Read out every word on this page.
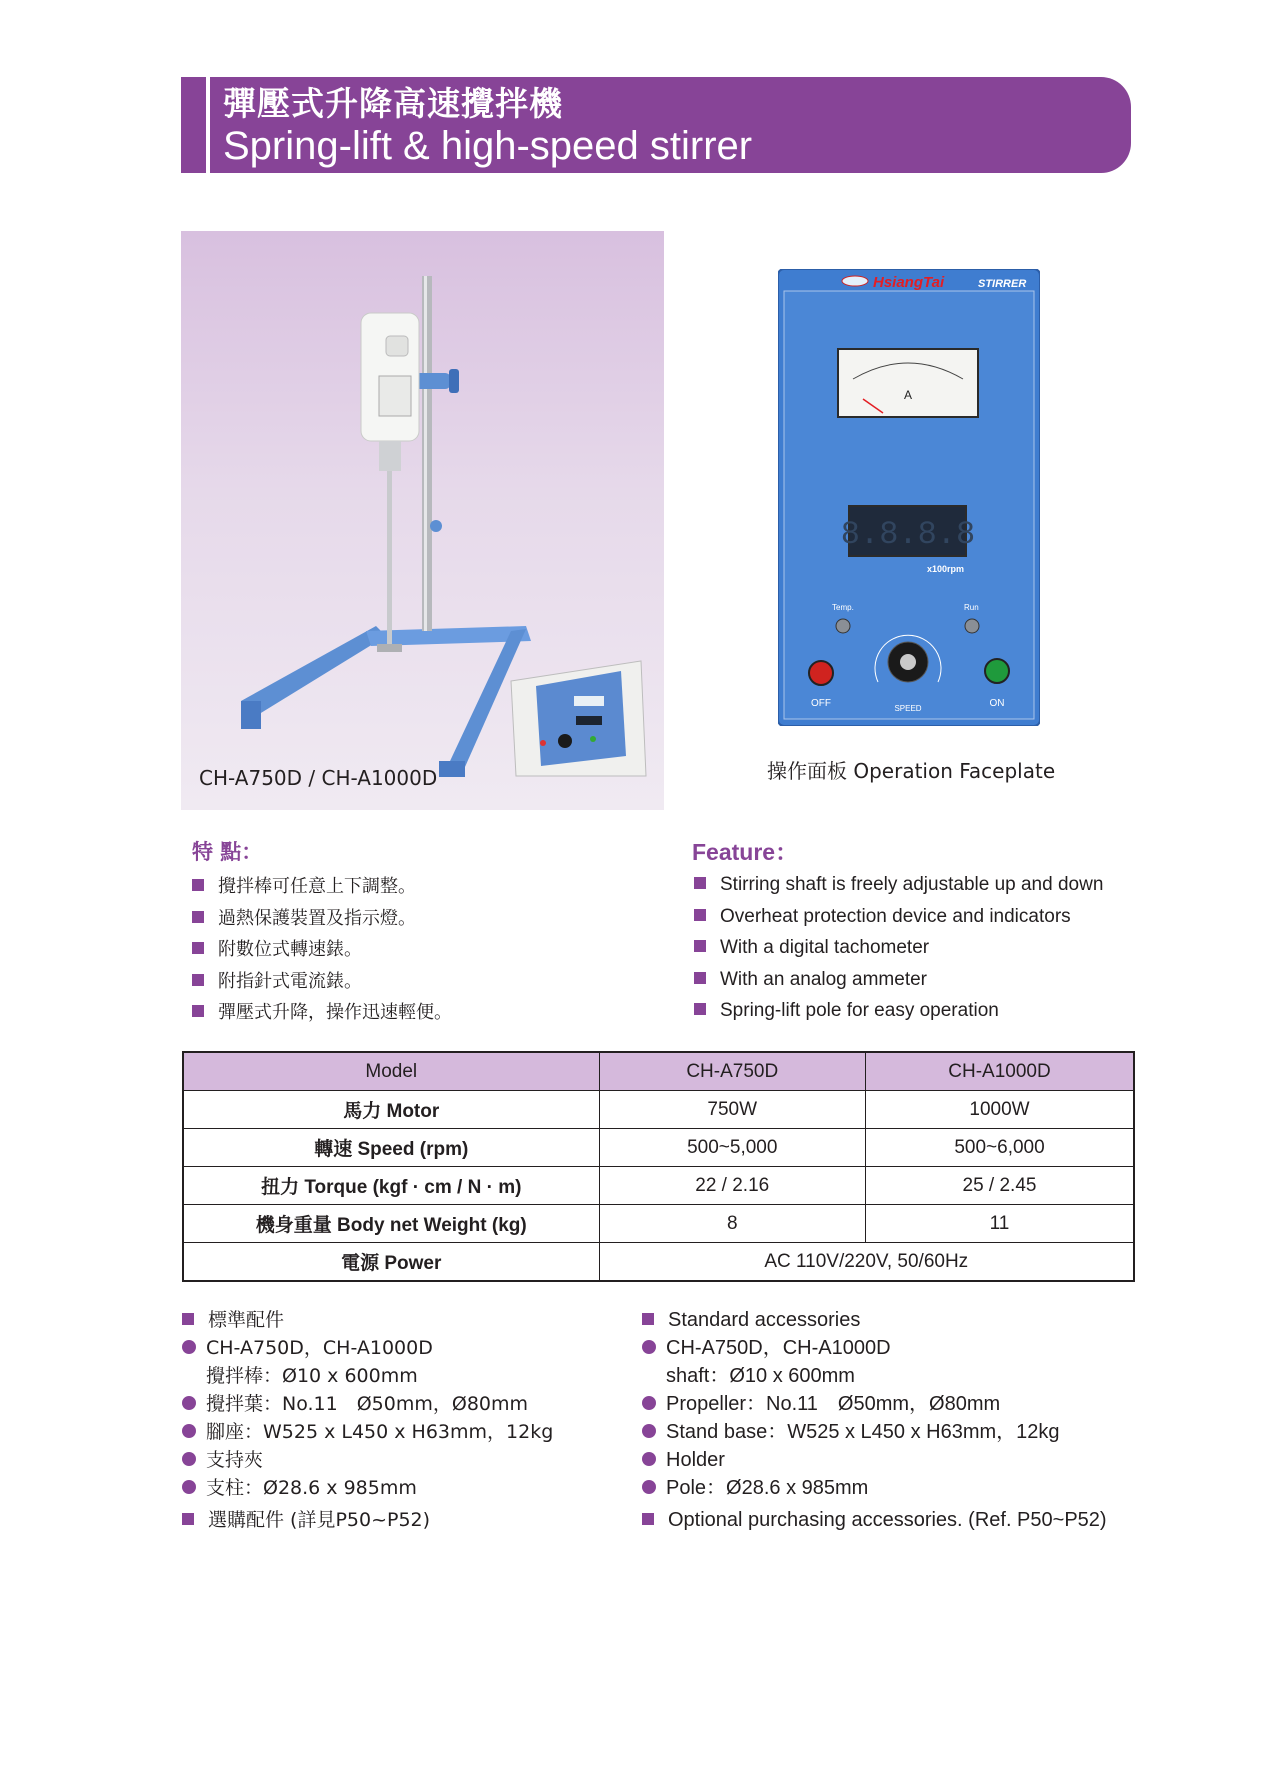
彈壓式升降高速攪拌機
Spring-lift & high-speed stirrer
CH-A750D / CH-A1000D
HsiangTai	STIRRER
A
8.8.8.8
x100rpm
Temp.	Run
SPEED
OFF	ON
操作面板 Operation Faceplate
特 點：
攪拌棒可任意上下調整。
過熱保護裝置及指示燈。
附數位式轉速錶。
附指針式電流錶。
彈壓式升降，操作迅速輕便。
Feature：
Stirring shaft is freely adjustable up and down
Overheat protection device and indicators
With a digital tachometer
With an analog ammeter
Spring-lift pole for easy operation
Model	CH-A750D	CH-A1000D
馬力 Motor	750W	1000W
轉速 Speed (rpm)	500~5,000	500~6,000
扭力 Torque (kgf · cm / N · m)	22 / 2.16	25 / 2.45
機身重量 Body net Weight (kg)	8	11
電源 Power	AC 110V/220V, 50/60Hz	
標準配件
CH-A750D，CH-A1000D
攪拌棒：Ø10 x 600mm
攪拌葉：No.11　Ø50mm，Ø80mm
腳座：W525 x L450 x H63mm，12kg
支持夾
支柱：Ø28.6 x 985mm
選購配件 (詳見P50~P52)
Standard accessories
CH-A750D，CH-A1000D
shaft：Ø10 x 600mm
Propeller：No.11　Ø50mm，Ø80mm
Stand base：W525 x L450 x H63mm，12kg
Holder
Pole：Ø28.6 x 985mm
Optional purchasing accessories. (Ref. P50~P52)
